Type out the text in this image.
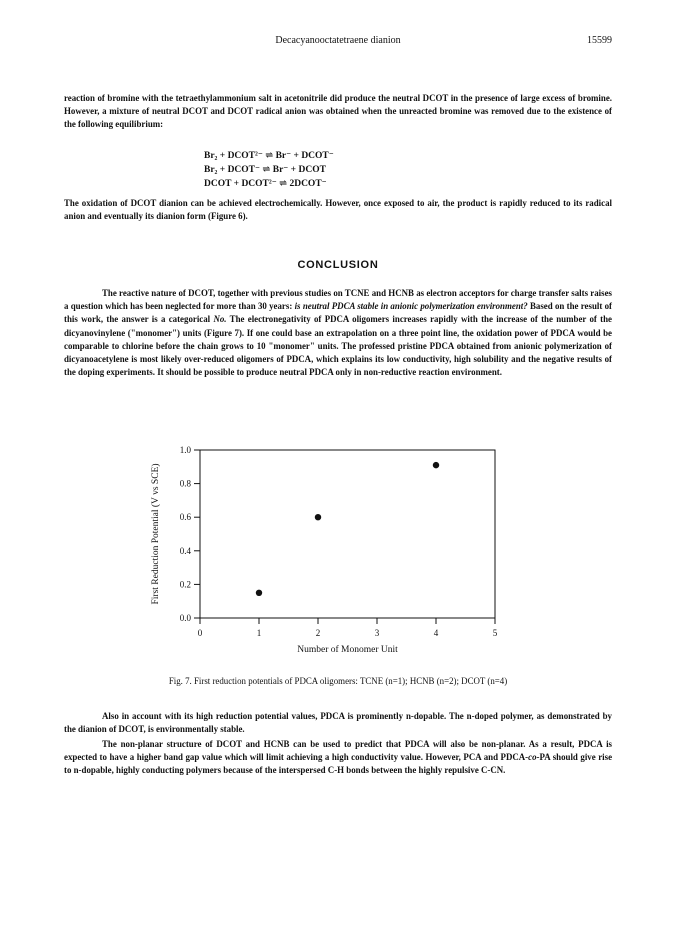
Decacyanooctatetraene dianion	15599

reaction of bromine with the tetraethylammonium salt in acetonitrile did produce the neutral DCOT in the presence of large excess of bromine. However, a mixture of neutral DCOT and DCOT radical anion was obtained when the unreacted bromine was removed due to the existence of the following equilibrium:

Br₂ + DCOT²⁻ ⇌ Br⁻ + DCOT⁻
Br₂ + DCOT⁻ ⇌ Br⁻ + DCOT
DCOT + DCOT²⁻ ⇌ 2DCOT⁻

The oxidation of DCOT dianion can be achieved electrochemically. However, once exposed to air, the product is rapidly reduced to its radical anion and eventually its dianion form (Figure 6).

CONCLUSION

The reactive nature of DCOT, together with previous studies on TCNE and HCNB as electron acceptors for charge transfer salts raises a question which has been neglected for more than 30 years: is neutral PDCA stable in anionic polymerization environment? Based on the result of this work, the answer is a categorical No. The electronegativity of PDCA oligomers increases rapidly with the increase of the number of the dicyanovinylene ("monomer") units (Figure 7). If one could base an extrapolation on a three point line, the oxidation power of PDCA would be comparable to chlorine before the chain grows to 10 "monomer" units. The professed pristine PDCA obtained from anionic polymerization of dicyanoacetylene is most likely over-reduced oligomers of PDCA, which explains its low conductivity, high solubility and the negative results of the doping experiments. It should be possible to produce neutral PDCA only in non-reductive reaction environment.

0	1	2	3	4	5
0.0
0.2
0.4
0.6
0.8
1.0
Number of Monomer Unit
First Reduction Potential (V vs SCE)
Fig. 7. First reduction potentials of PDCA oligomers: TCNE (n=1); HCNB (n=2); DCOT (n=4)

Also in account with its high reduction potential values, PDCA is prominently n-dopable. The n-doped polymer, as demonstrated by the dianion of DCOT, is environmentally stable.

The non-planar structure of DCOT and HCNB can be used to predict that PDCA will also be non-planar. As a result, PDCA is expected to have a higher band gap value which will limit achieving a high conductivity value. However, PCA and PDCA-co-PA should give rise to n-dopable, highly conducting polymers because of the interspersed C-H bonds between the highly repulsive C-CN.
